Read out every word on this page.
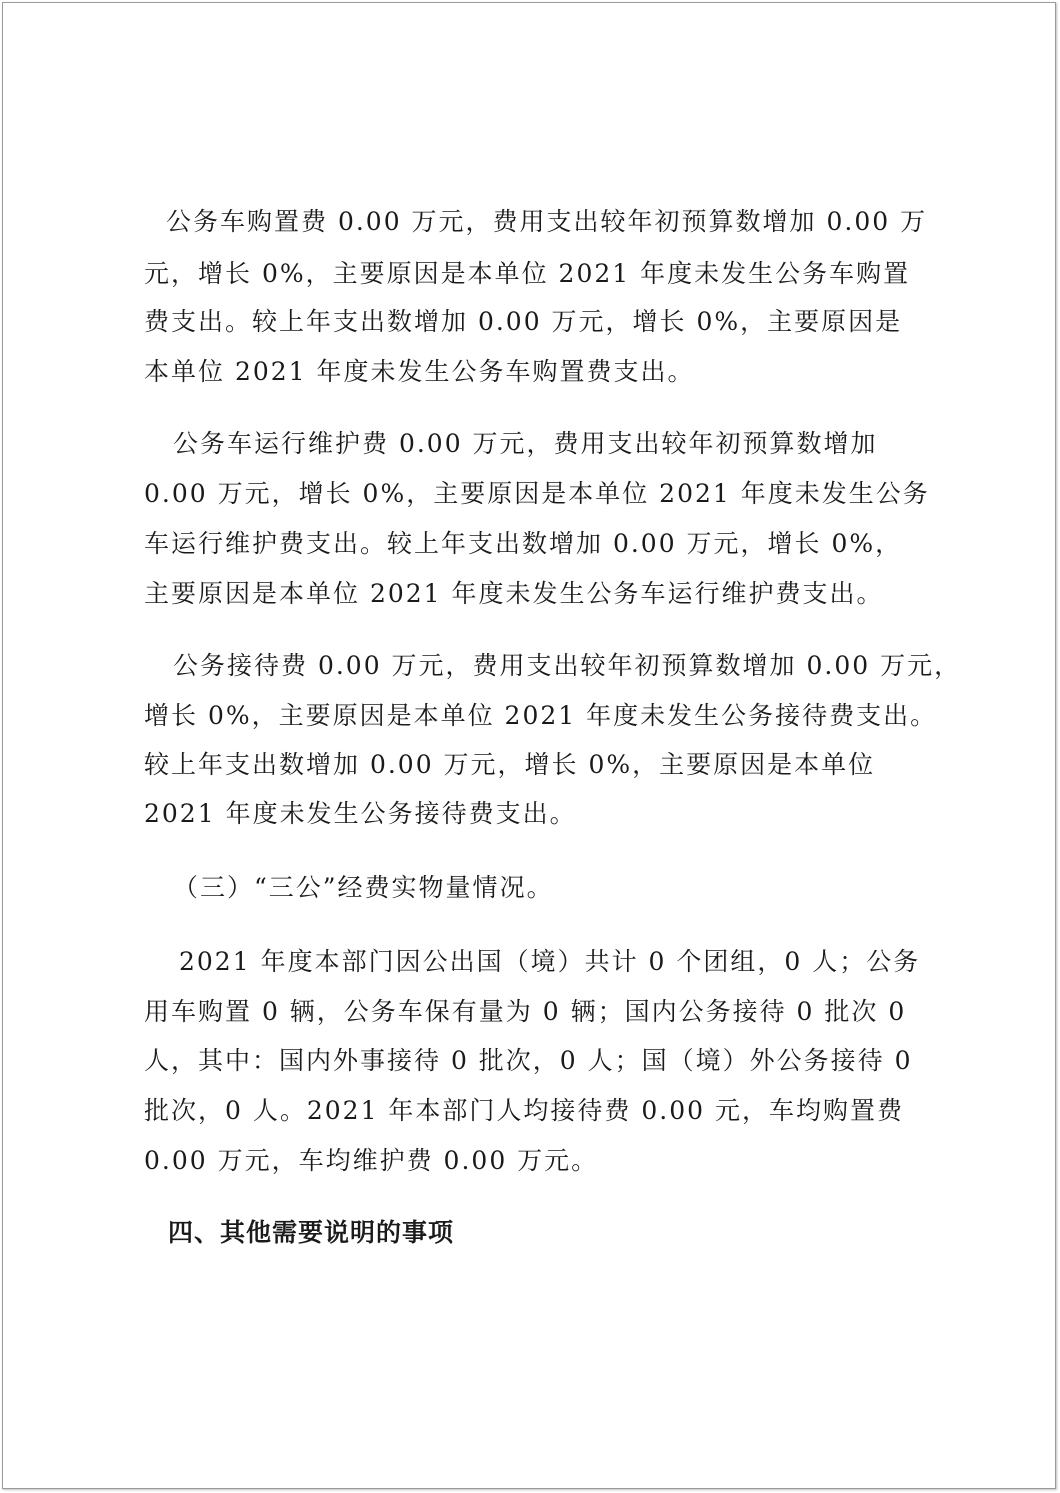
公务车购置费 0.00 万元，费用支出较年初预算数增加 0.00 万
元，增长 0%，主要原因是本单位 2021 年度未发生公务车购置
费支出。较上年支出数增加 0.00 万元，增长 0%，主要原因是
本单位 2021 年度未发生公务车购置费支出。
公务车运行维护费 0.00 万元，费用支出较年初预算数增加
0.00 万元，增长 0%，主要原因是本单位 2021 年度未发生公务
车运行维护费支出。较上年支出数增加 0.00 万元，增长 0%，
主要原因是本单位 2021 年度未发生公务车运行维护费支出。
公务接待费 0.00 万元，费用支出较年初预算数增加 0.00 万元，
增长 0%，主要原因是本单位 2021 年度未发生公务接待费支出。
较上年支出数增加 0.00 万元，增长 0%，主要原因是本单位
2021 年度未发生公务接待费支出。
（三）“三公”经费实物量情况。
2021 年度本部门因公出国（境）共计 0 个团组，0 人；公务
用车购置 0 辆，公务车保有量为 0 辆；国内公务接待 0 批次 0
人，其中：国内外事接待 0 批次，0 人；国（境）外公务接待 0
批次，0 人。2021 年本部门人均接待费 0.00 元，车均购置费
0.00 万元，车均维护费 0.00 万元。
四、其他需要说明的事项
